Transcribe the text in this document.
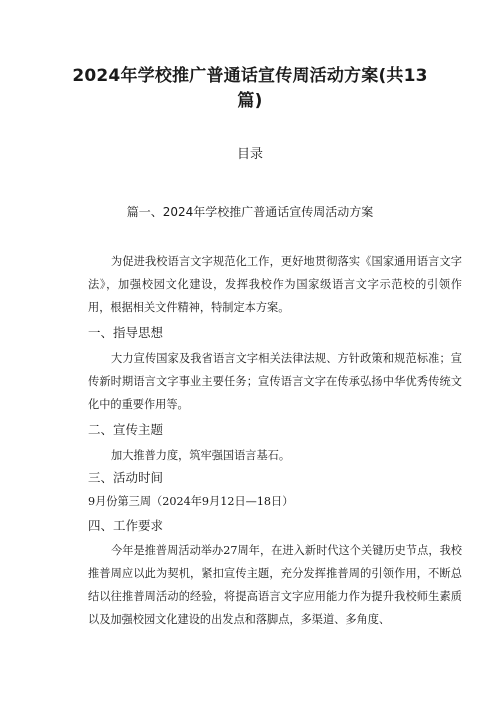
2024年学校推广普通话宣传周活动方案(共13篇)
目录
篇一、2024年学校推广普通话宣传周活动方案
为促进我校语言文字规范化工作，更好地贯彻落实《国家通用语言文字法》，加强校园文化建设，发挥我校作为国家级语言文字示范校的引领作用，根据相关文件精神，特制定本方案。
一、指导思想
大力宣传国家及我省语言文字相关法律法规、方针政策和规范标准；宣传新时期语言文字事业主要任务；宣传语言文字在传承弘扬中华优秀传统文化中的重要作用等。
二、宣传主题
加大推普力度，筑牢强国语言基石。
三、活动时间
9月份第三周（2024年9月12日—18日）
四、工作要求
今年是推普周活动举办27周年，在进入新时代这个关键历史节点，我校推普周应以此为契机，紧扣宣传主题，充分发挥推普周的引领作用，不断总结以往推普周活动的经验，将提高语言文字应用能力作为提升我校师生素质以及加强校园文化建设的出发点和落脚点，多渠道、多角度、
